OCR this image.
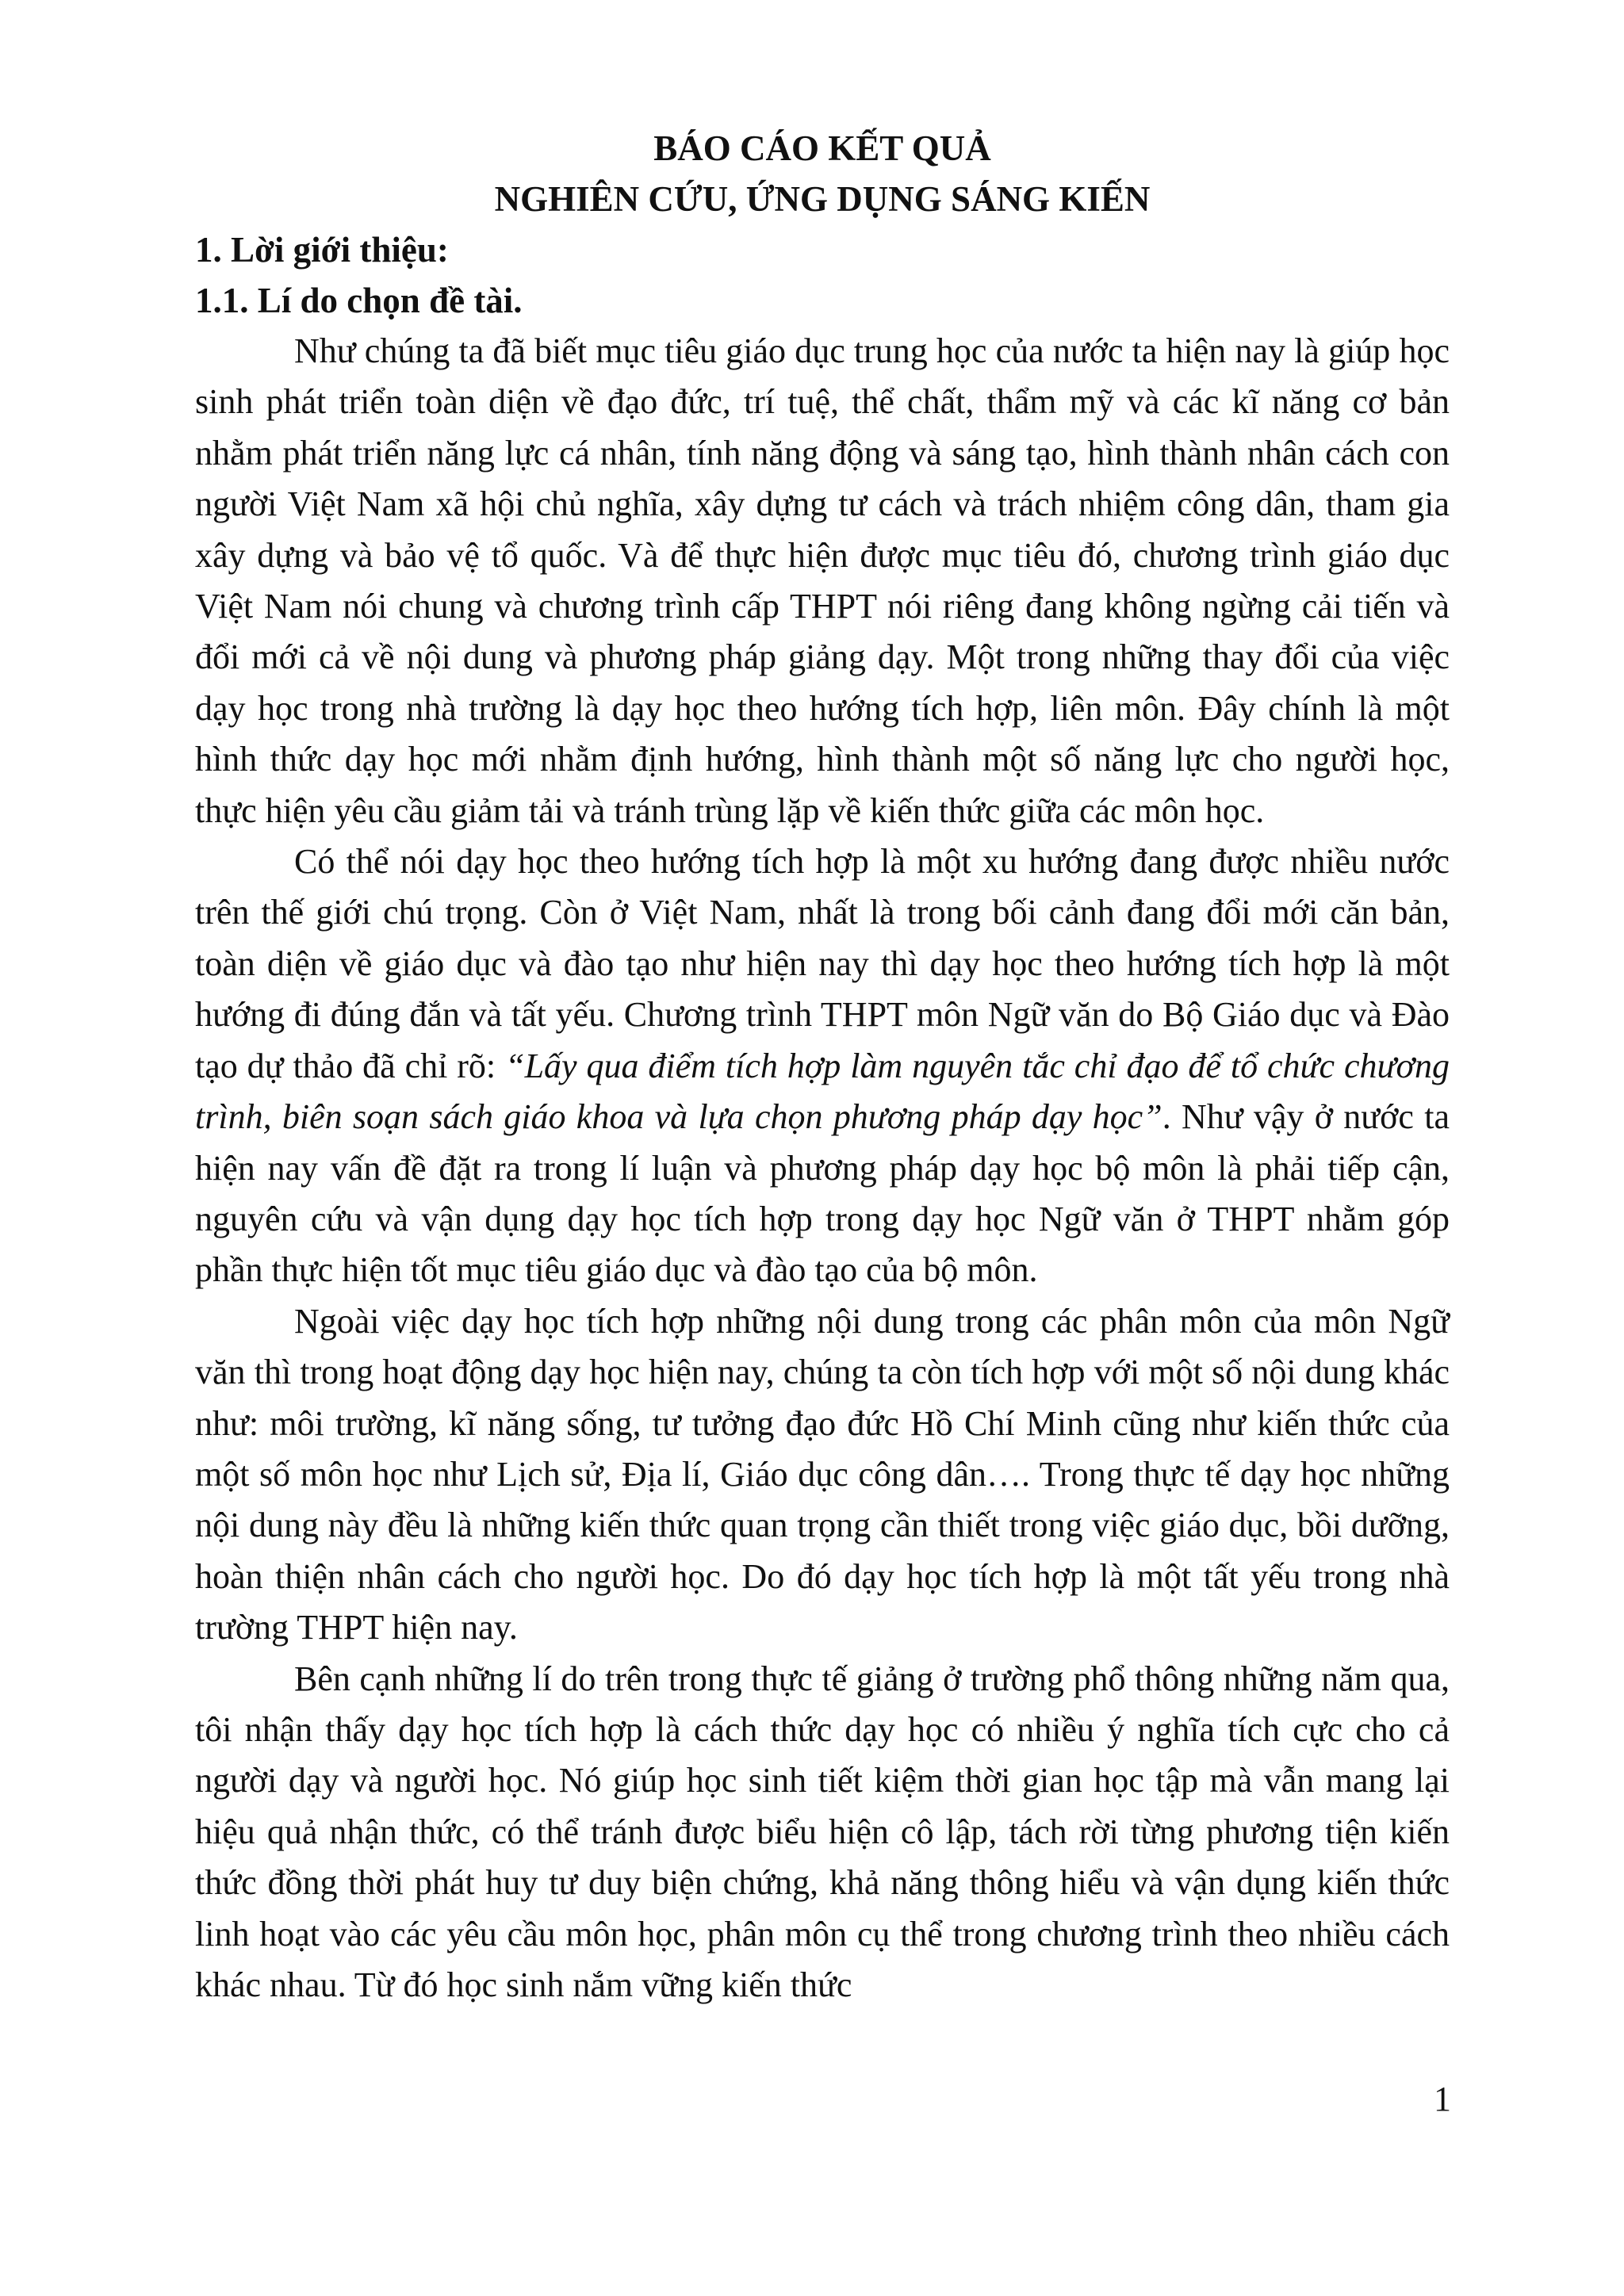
BÁO CÁO KẾT QUẢ

NGHIÊN CỨU, ỨNG DỤNG SÁNG KIẾN

1. Lời giới thiệu:

1.1. Lí do chọn đề tài.

Như chúng ta đã biết mục tiêu giáo dục trung học của nước ta hiện nay là giúp học sinh phát triển toàn diện về đạo đức, trí tuệ, thể chất, thẩm mỹ và các kĩ năng cơ bản nhằm phát triển năng lực cá nhân, tính năng động và sáng tạo, hình thành nhân cách con người Việt Nam xã hội chủ nghĩa, xây dựng tư cách và trách nhiệm công dân, tham gia xây dựng và bảo vệ tổ quốc. Và để thực hiện được mục tiêu đó, chương trình giáo dục Việt Nam nói chung và chương trình cấp THPT nói riêng đang không ngừng cải tiến và đổi mới cả về nội dung và phương pháp giảng dạy. Một trong những thay đổi của việc dạy học trong nhà trường là dạy học theo hướng tích hợp, liên môn. Đây chính là một hình thức dạy học mới nhằm định hướng, hình thành một số năng lực cho người học, thực hiện yêu cầu giảm tải và tránh trùng lặp về kiến thức giữa các môn học.

Có thể nói dạy học theo hướng tích hợp là một xu hướng đang được nhiều nước trên thế giới chú trọng. Còn ở Việt Nam, nhất là trong bối cảnh đang đổi mới căn bản, toàn diện về giáo dục và đào tạo như hiện nay thì dạy học theo hướng tích hợp là một hướng đi đúng đắn và tất yếu. Chương trình THPT môn Ngữ văn do Bộ Giáo dục và Đào tạo dự thảo đã chỉ rõ: “Lấy qua điểm tích hợp làm nguyên tắc chỉ đạo để tổ chức chương trình, biên soạn sách giáo khoa và lựa chọn phương pháp dạy học”. Như vậy ở nước ta hiện nay vấn đề đặt ra trong lí luận và phương pháp dạy học bộ môn là phải tiếp cận, nguyên cứu và vận dụng dạy học tích hợp trong dạy học Ngữ văn ở THPT nhằm góp phần thực hiện tốt mục tiêu giáo dục và đào tạo của bộ môn.

Ngoài việc dạy học tích hợp những nội dung trong các phân môn của môn Ngữ văn thì trong hoạt động dạy học hiện nay, chúng ta còn tích hợp với một số nội dung khác như: môi trường, kĩ năng sống, tư tưởng đạo đức Hồ Chí Minh cũng như kiến thức của một số môn học như Lịch sử, Địa lí, Giáo dục công dân…. Trong thực tế dạy học những nội dung này đều là những kiến thức quan trọng cần thiết trong việc giáo dục, bồi dưỡng, hoàn thiện nhân cách cho người học. Do đó dạy học tích hợp là một tất yếu trong nhà trường THPT hiện nay.

Bên cạnh những lí do trên trong thực tế giảng ở trường phổ thông những năm qua, tôi nhận thấy dạy học tích hợp là cách thức dạy học có nhiều ý nghĩa tích cực cho cả người dạy và người học. Nó giúp học sinh tiết kiệm thời gian học tập mà vẫn mang lại hiệu quả nhận thức, có thể tránh được biểu hiện cô lập, tách rời từng phương tiện kiến thức đồng thời phát huy tư duy biện chứng, khả năng thông hiểu và vận dụng kiến thức linh hoạt vào các yêu cầu môn học, phân môn cụ thể trong chương trình theo nhiều cách khác nhau. Từ đó học sinh nắm vững kiến thức

1
